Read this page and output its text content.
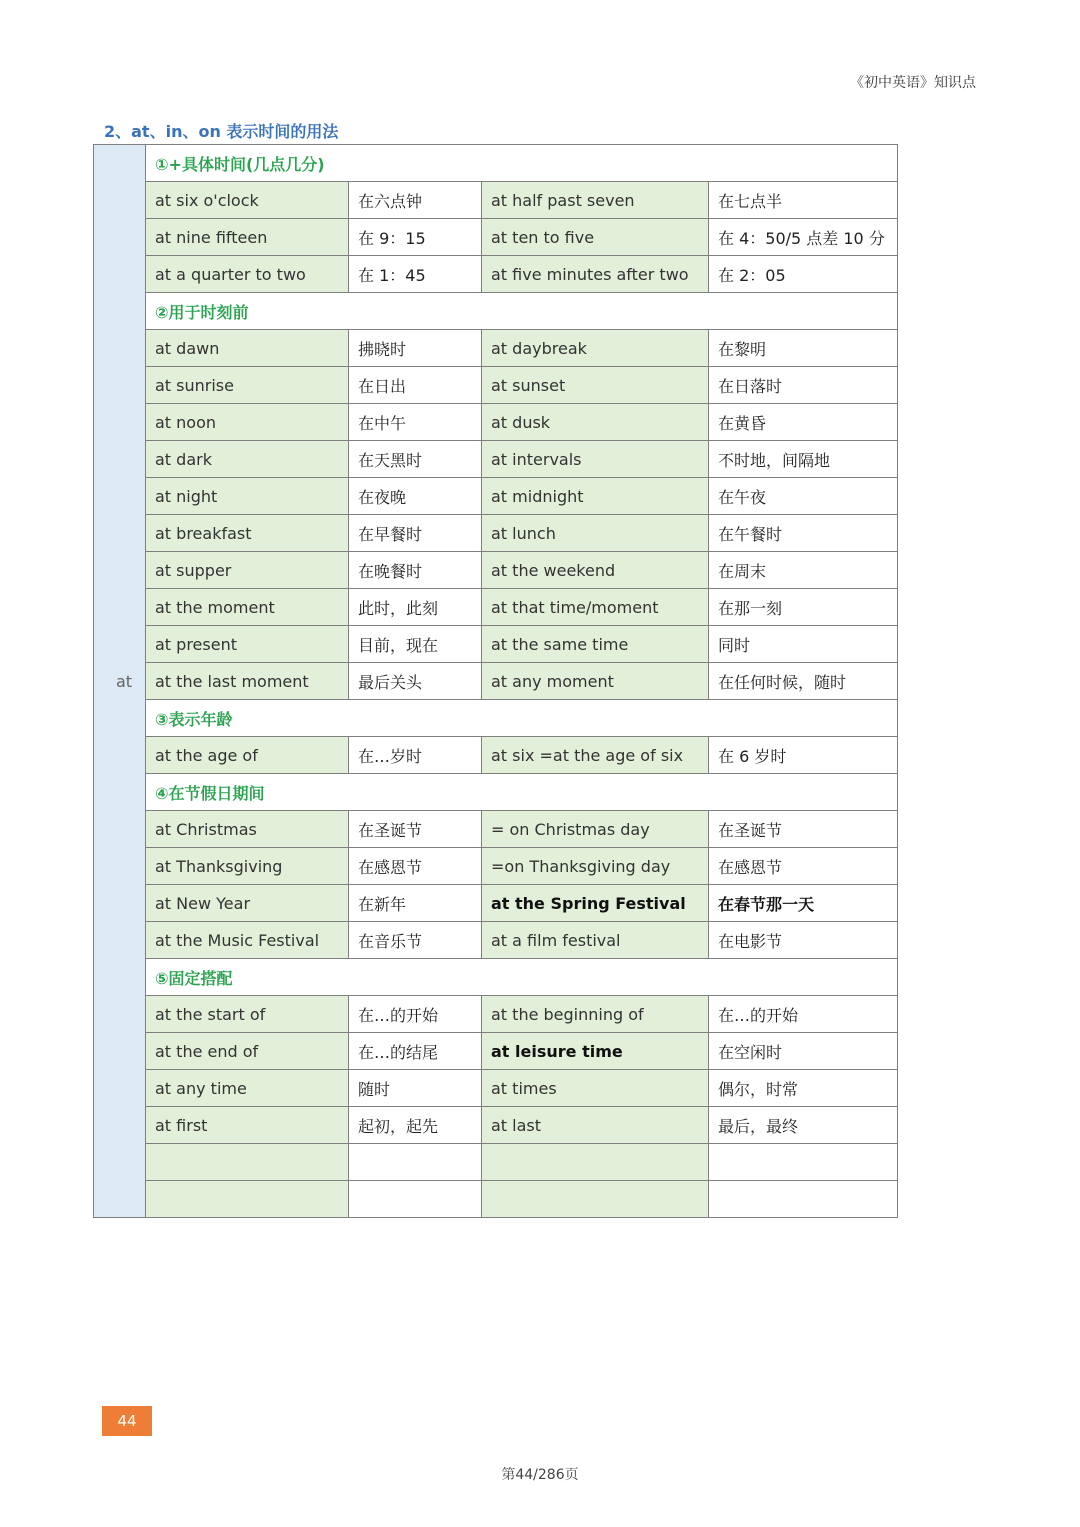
《初中英语》知识点
2、at、in、on 表示时间的用法
at	①+具体时间(几点几分)			
	at six o'clock	在六点钟	at half past seven	在七点半
	at nine fifteen	在 9：15	at ten to five	在 4：50/5 点差 10 分
	at a quarter to two	在 1：45	at five minutes after two	在 2：05
	②用于时刻前			
	at dawn	拂晓时	at daybreak	在黎明
	at sunrise	在日出	at sunset	在日落时
	at noon	在中午	at dusk	在黄昏
	at dark	在天黑时	at intervals	不时地，间隔地
	at night	在夜晚	at midnight	在午夜
	at breakfast	在早餐时	at lunch	在午餐时
	at supper	在晚餐时	at the weekend	在周末
	at the moment	此时，此刻	at that time/moment	在那一刻
	at present	目前，现在	at the same time	同时
	at the last moment	最后关头	at any moment	在任何时候，随时
	③表示年龄			
	at the age of	在…岁时	at six =at the age of six	在 6 岁时
	④在节假日期间			
	at Christmas	在圣诞节	= on Christmas day	在圣诞节
	at Thanksgiving	在感恩节	=on Thanksgiving day	在感恩节
	at New Year	在新年	at the Spring Festival	在春节那一天
	at the Music Festival	在音乐节	at a film festival	在电影节
	⑤固定搭配			
	at the start of	在…的开始	at the beginning of	在…的开始
	at the end of	在…的结尾	at leisure time	在空闲时
	at any time	随时	at times	偶尔，时常
	at first	起初，起先	at last	最后，最终

44
第44/286页
